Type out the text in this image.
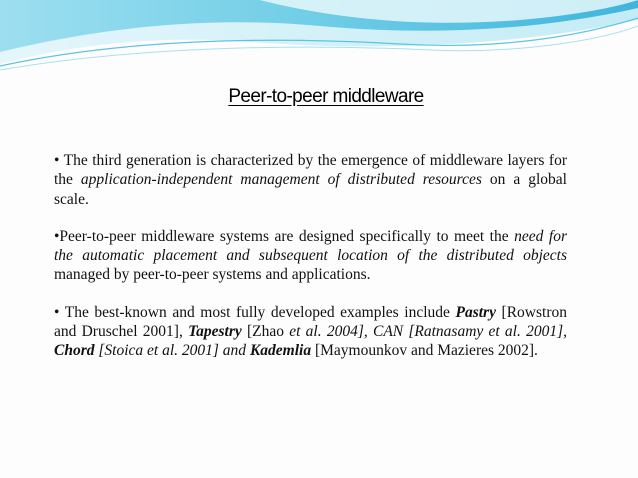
Peer-to-peer middleware

• The third generation is characterized by the emergence of middleware layers for the application-independent management of distributed resources on a global scale.

•Peer-to-peer middleware systems are designed specifically to meet the need for the automatic placement and subsequent location of the distributed objects managed by peer-to-peer systems and applications.

• The best-known and most fully developed examples include Pastry [Rowstron and Druschel 2001], Tapestry [Zhao et al. 2004], CAN [Ratnasamy et al. 2001], Chord [Stoica et al. 2001] and Kademlia [Maymounkov and Mazieres 2002].
